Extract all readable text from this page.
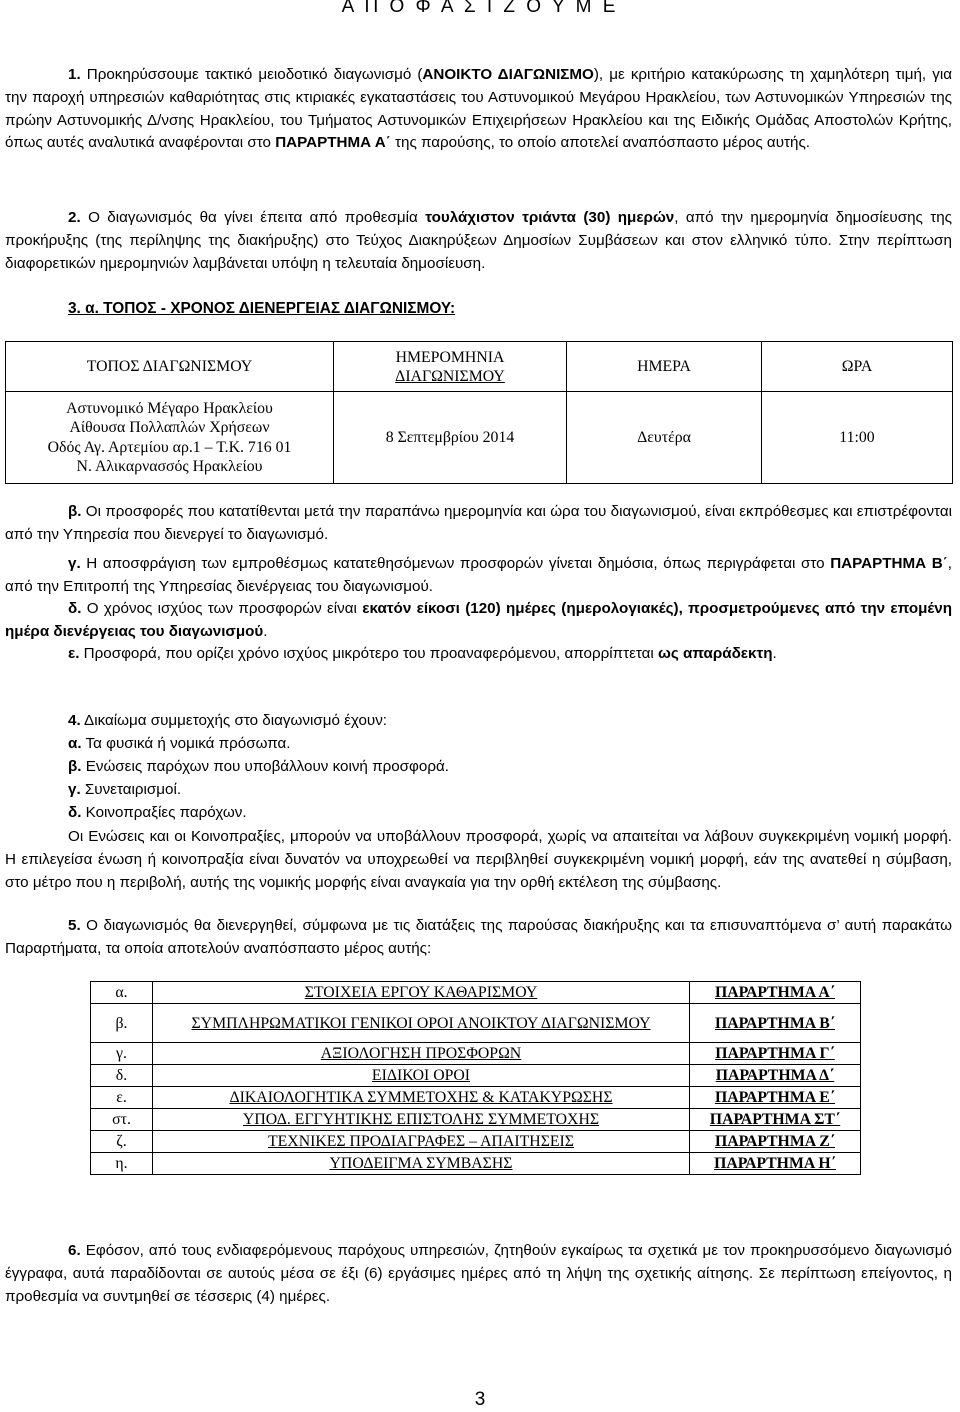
Α Π Ο Φ Α Σ Ι Ζ Ο Υ Μ Ε

1. Προκηρύσσουμε τακτικό μειοδοτικό διαγωνισμό (ΑΝΟΙΚΤΟ ΔΙΑΓΩΝΙΣΜΟ), με κριτήριο κατακύρωσης τη χαμηλότερη τιμή, για την παροχή υπηρεσιών καθαριότητας στις κτιριακές εγκαταστάσεις του Αστυνομικού Μεγάρου Ηρακλείου, των Αστυνομικών Υπηρεσιών της πρώην Αστυνομικής Δ/νσης Ηρακλείου, του Τμήματος Αστυνομικών Επιχειρήσεων Ηρακλείου και της Ειδικής Ομάδας Αποστολών Κρήτης, όπως αυτές αναλυτικά αναφέρονται στο ΠΑΡΑΡΤΗΜΑ Α΄ της παρούσης, το οποίο αποτελεί αναπόσπαστο μέρος αυτής.

2. Ο διαγωνισμός θα γίνει έπειτα από προθεσμία τουλάχιστον τριάντα (30) ημερών, από την ημερομηνία δημοσίευσης της προκήρυξης (της περίληψης της διακήρυξης) στο Τεύχος Διακηρύξεων Δημοσίων Συμβάσεων και στον ελληνικό τύπο. Στην περίπτωση διαφορετικών ημερομηνιών λαμβάνεται υπόψη η τελευταία δημοσίευση.

3. α. ΤΟΠΟΣ - ΧΡΟΝΟΣ ΔΙΕΝΕΡΓΕΙΑΣ ΔΙΑΓΩΝΙΣΜΟΥ:
ΤΟΠΟΣ ΔΙΑΓΩΝΙΣΜΟΥ	ΗΜΕΡΟΜΗΝΙΑ
ΔΙΑΓΩΝΙΣΜΟΥ	ΗΜΕΡΑ	ΩΡΑ
Αστυνομικό Μέγαρο Ηρακλείου
Αίθουσα Πολλαπλών Χρήσεων
Οδός Αγ. Αρτεμίου αρ.1 – Τ.Κ. 716 01
Ν. Αλικαρνασσός Ηρακλείου	8 Σεπτεμβρίου 2014	Δευτέρα	11:00

β. Οι προσφορές που κατατίθενται μετά την παραπάνω ημερομηνία και ώρα του διαγωνισμού, είναι εκπρόθεσμες και επιστρέφονται από την Υπηρεσία που διενεργεί το διαγωνισμό.

γ. Η αποσφράγιση των εμπροθέσμως κατατεθησόμενων προσφορών γίνεται δημόσια, όπως περιγράφεται στο ΠΑΡΑΡΤΗΜΑ Β΄, από την Επιτροπή της Υπηρεσίας διενέργειας του διαγωνισμού.

δ. Ο χρόνος ισχύος των προσφορών είναι εκατόν είκοσι (120) ημέρες (ημερολογιακές), προσμετρούμενες από την επομένη ημέρα διενέργειας του διαγωνισμού.

ε. Προσφορά, που ορίζει χρόνο ισχύος μικρότερο του προαναφερόμενου, απορρίπτεται ως απαράδεκτη.

4. Δικαίωμα συμμετοχής στο διαγωνισμό έχουν:
α. Τα φυσικά ή νομικά πρόσωπα.
β. Ενώσεις παρόχων που υποβάλλουν κοινή προσφορά.
γ. Συνεταιρισμοί.
δ. Κοινοπραξίες παρόχων.

Οι Ενώσεις και οι Κοινοπραξίες, μπορούν να υποβάλλουν προσφορά, χωρίς να απαιτείται να λάβουν συγκεκριμένη νομική μορφή. Η επιλεγείσα ένωση ή κοινοπραξία είναι δυνατόν να υποχρεωθεί να περιβληθεί συγκεκριμένη νομική μορφή, εάν της ανατεθεί η σύμβαση, στο μέτρο που η περιβολή, αυτής της νομικής μορφής είναι αναγκαία για την ορθή εκτέλεση της σύμβασης.

5. Ο διαγωνισμός θα διενεργηθεί, σύμφωνα με τις διατάξεις της παρούσας διακήρυξης και τα επισυναπτόμενα σ’ αυτή παρακάτω Παραρτήματα, τα οποία αποτελούν αναπόσπαστο μέρος αυτής:

α.	ΣΤΟΙΧΕΙΑ ΕΡΓΟΥ ΚΑΘΑΡΙΣΜΟΥ	ΠΑΡΑΡΤΗΜΑ Α΄
β.	ΣΥΜΠΛΗΡΩΜΑΤΙΚΟΙ ΓΕΝΙΚΟΙ ΟΡΟΙ ΑΝΟΙΚΤΟΥ ΔΙΑΓΩΝΙΣΜΟΥ	ΠΑΡΑΡΤΗΜΑ Β΄
γ.	ΑΞΙΟΛΟΓΗΣΗ ΠΡΟΣΦΟΡΩΝ	ΠΑΡΑΡΤΗΜΑ Γ΄
δ.	ΕΙΔΙΚΟΙ ΟΡΟΙ	ΠΑΡΑΡΤΗΜΑ Δ΄
ε.	ΔΙΚΑΙΟΛΟΓΗΤΙΚΑ ΣΥΜΜΕΤΟΧΗΣ & ΚΑΤΑΚΥΡΩΣΗΣ	ΠΑΡΑΡΤΗΜΑ Ε΄
στ.	ΥΠΟΔ. ΕΓΓΥΗΤΙΚΗΣ ΕΠΙΣΤΟΛΗΣ ΣΥΜΜΕΤΟΧΗΣ	ΠΑΡΑΡΤΗΜΑ ΣΤ΄
ζ.	ΤΕΧΝΙΚΕΣ ΠΡΟΔΙΑΓΡΑΦΕΣ – ΑΠΑΙΤΗΣΕΙΣ	ΠΑΡΑΡΤΗΜΑ Ζ΄
η.	ΥΠΟΔΕΙΓΜΑ ΣΥΜΒΑΣΗΣ	ΠΑΡΑΡΤΗΜΑ Η΄

6. Εφόσον, από τους ενδιαφερόμενους παρόχους υπηρεσιών, ζητηθούν εγκαίρως τα σχετικά με τον προκηρυσσόμενο διαγωνισμό έγγραφα, αυτά παραδίδονται σε αυτούς μέσα σε έξι (6) εργάσιμες ημέρες από τη λήψη της σχετικής αίτησης. Σε περίπτωση επείγοντος, η προθεσμία να συντμηθεί σε τέσσερις (4) ημέρες.

3
